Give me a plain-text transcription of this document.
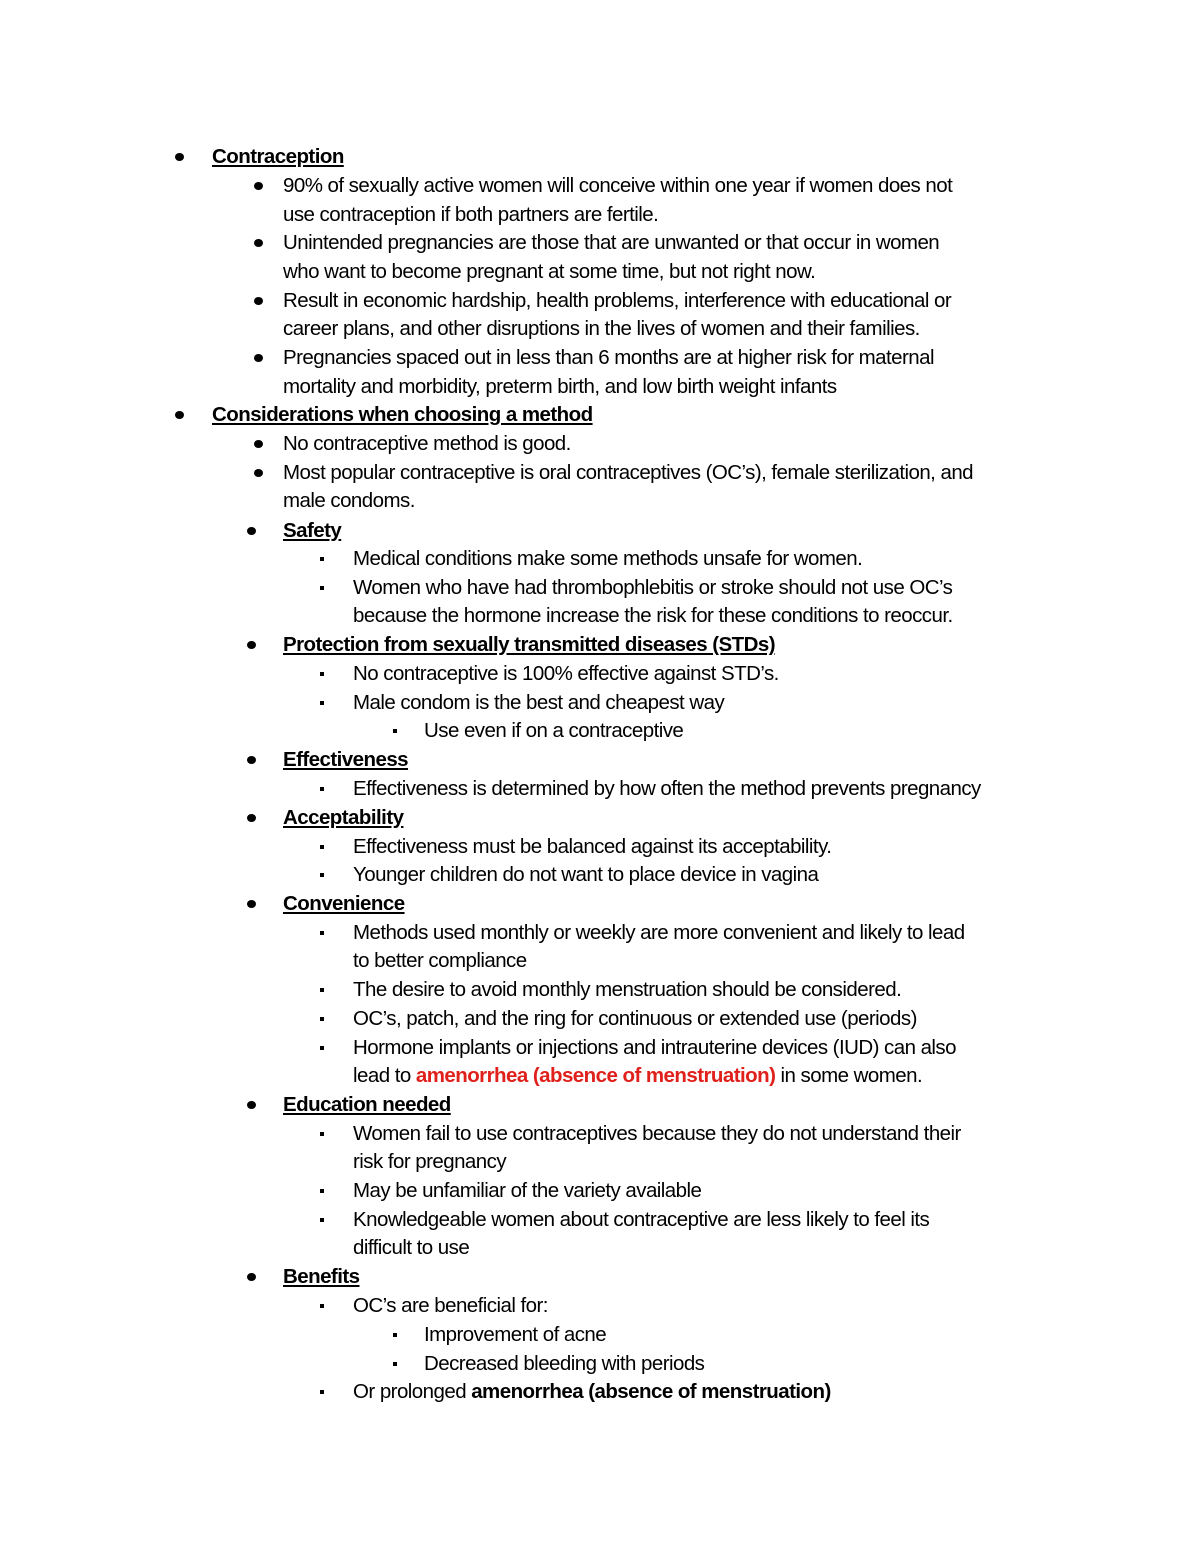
Contraception
90% of sexually active women will conceive within one year if women does not
use contraception if both partners are fertile.
Unintended pregnancies are those that are unwanted or that occur in women
who want to become pregnant at some time, but not right now.
Result in economic hardship, health problems, interference with educational or
career plans, and other disruptions in the lives of women and their families.
Pregnancies spaced out in less than 6 months are at higher risk for maternal
mortality and morbidity, preterm birth, and low birth weight infants
Considerations when choosing a method
No contraceptive method is good.
Most popular contraceptive is oral contraceptives (OC’s), female sterilization, and
male condoms.
Safety
Medical conditions make some methods unsafe for women.
Women who have had thrombophlebitis or stroke should not use OC’s
because the hormone increase the risk for these conditions to reoccur.
Protection from sexually transmitted diseases (STDs)
No contraceptive is 100% effective against STD’s.
Male condom is the best and cheapest way
Use even if on a contraceptive
Effectiveness
Effectiveness is determined by how often the method prevents pregnancy
Acceptability
Effectiveness must be balanced against its acceptability.
Younger children do not want to place device in vagina
Convenience
Methods used monthly or weekly are more convenient and likely to lead
to better compliance
The desire to avoid monthly menstruation should be considered.
OC’s, patch, and the ring for continuous or extended use (periods)
Hormone implants or injections and intrauterine devices (IUD) can also
lead to amenorrhea (absence of menstruation) in some women.
Education needed
Women fail to use contraceptives because they do not understand their
risk for pregnancy
May be unfamiliar of the variety available
Knowledgeable women about contraceptive are less likely to feel its
difficult to use
Benefits
OC’s are beneficial for:
Improvement of acne
Decreased bleeding with periods
Or prolonged amenorrhea (absence of menstruation)
